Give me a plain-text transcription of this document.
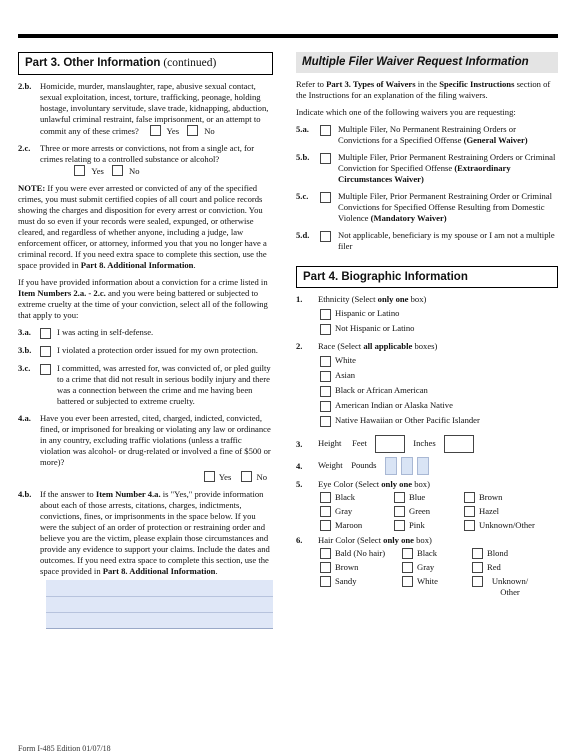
Part 3. Other Information (continued)
2.b.	Homicide, murder, manslaughter, rape, abusive sexual contact, sexual exploitation, incest, torture, trafficking, peonage, holding hostage, involuntary servitude, slave trade, kidnapping, abduction, unlawful criminal restraint, false imprisonment, or an attempt to commit any of these crimes?	Yes	No
2.c.	Three or more arrests or convictions, not from a single act, for crimes relating to a controlled substance or alcohol?                 Yes	No

NOTE: If you were ever arrested or convicted of any of the specified crimes, you must submit certified copies of all court and police records showing the charges and disposition for every arrest or conviction. You must do so even if your records were sealed, expunged, or otherwise cleared, and regardless of whether anyone, including a judge, law enforcement officer, or attorney, informed you that you no longer have a criminal record. If you need extra space to complete this section, use the space provided in Part 8. Additional Information.

If you have provided information about a conviction for a crime listed in Item Numbers 2.a. - 2.c. and you were being battered or subjected to extreme cruelty at the time of your conviction, select all of the following that apply to you:

3.a.	I was acting in self-defense.
3.b.	I violated a protection order issued for my own protection.
3.c.	I committed, was arrested for, was convicted of, or pled guilty to a crime that did not result in serious bodily injury and there was a connection between the crime and me having been battered or subjected to extreme cruelty.
4.a.	Have you ever been arrested, cited, charged, indicted, convicted, fined, or imprisoned for breaking or violating any law or ordinance in any country, excluding traffic violations (unless a traffic violation was alcohol- or drug-related or involved a fine of $500 or more)?
Yes	No
4.b.	If the answer to Item Number 4.a. is "Yes," provide information about each of those arrests, citations, charges, indictments, convictions, fines, or imprisonments in the space below. If you were the subject of an order of protection or restraining order and believe you are the victim, please explain those circumstances and provide any evidence to support your claims. Include the dates and outcomes. If you need extra space to complete this section, use the space provided in Part 8. Additional Information.
Multiple Filer Waiver Request Information

Refer to Part 3. Types of Waivers in the Specific Instructions section of the Instructions for an explanation of the filing waivers.

Indicate which one of the following waivers you are requesting:

5.a.	Multiple Filer, No Permanent Restraining Orders or Convictions for a Specified Offense (General Waiver)
5.b.	Multiple Filer, Prior Permanent Restraining Orders or Criminal Conviction for Specified Offense (Extraordinary Circumstances Waiver)
5.c.	Multiple Filer, Prior Permanent Restraining Order or Criminal Convictions for Specified Offense Resulting from Domestic Violence (Mandatory Waiver)
5.d.	Not applicable, beneficiary is my spouse or I am not a multiple filer
Part 4. Biographic Information
1.	Ethnicity (Select only one box)
Hispanic or Latino
Not Hispanic or Latino
2.	Race (Select all applicable boxes)
White
Asian
Black or African American
American Indian or Alaska Native
Native Hawaiian or Other Pacific Islander
3.	Height Feet	Inches
4.	Weight Pounds
5.	Eye Color (Select only one box)
Black	Blue	Brown
Gray	Green	Hazel
Maroon	Pink	Unknown/Other
6.	Hair Color (Select only one box)
Bald (No hair)	Black	Blond
Brown	Gray	Red
Sandy	White	Unknown/ Other
Form I-485 Edition 01/07/18
